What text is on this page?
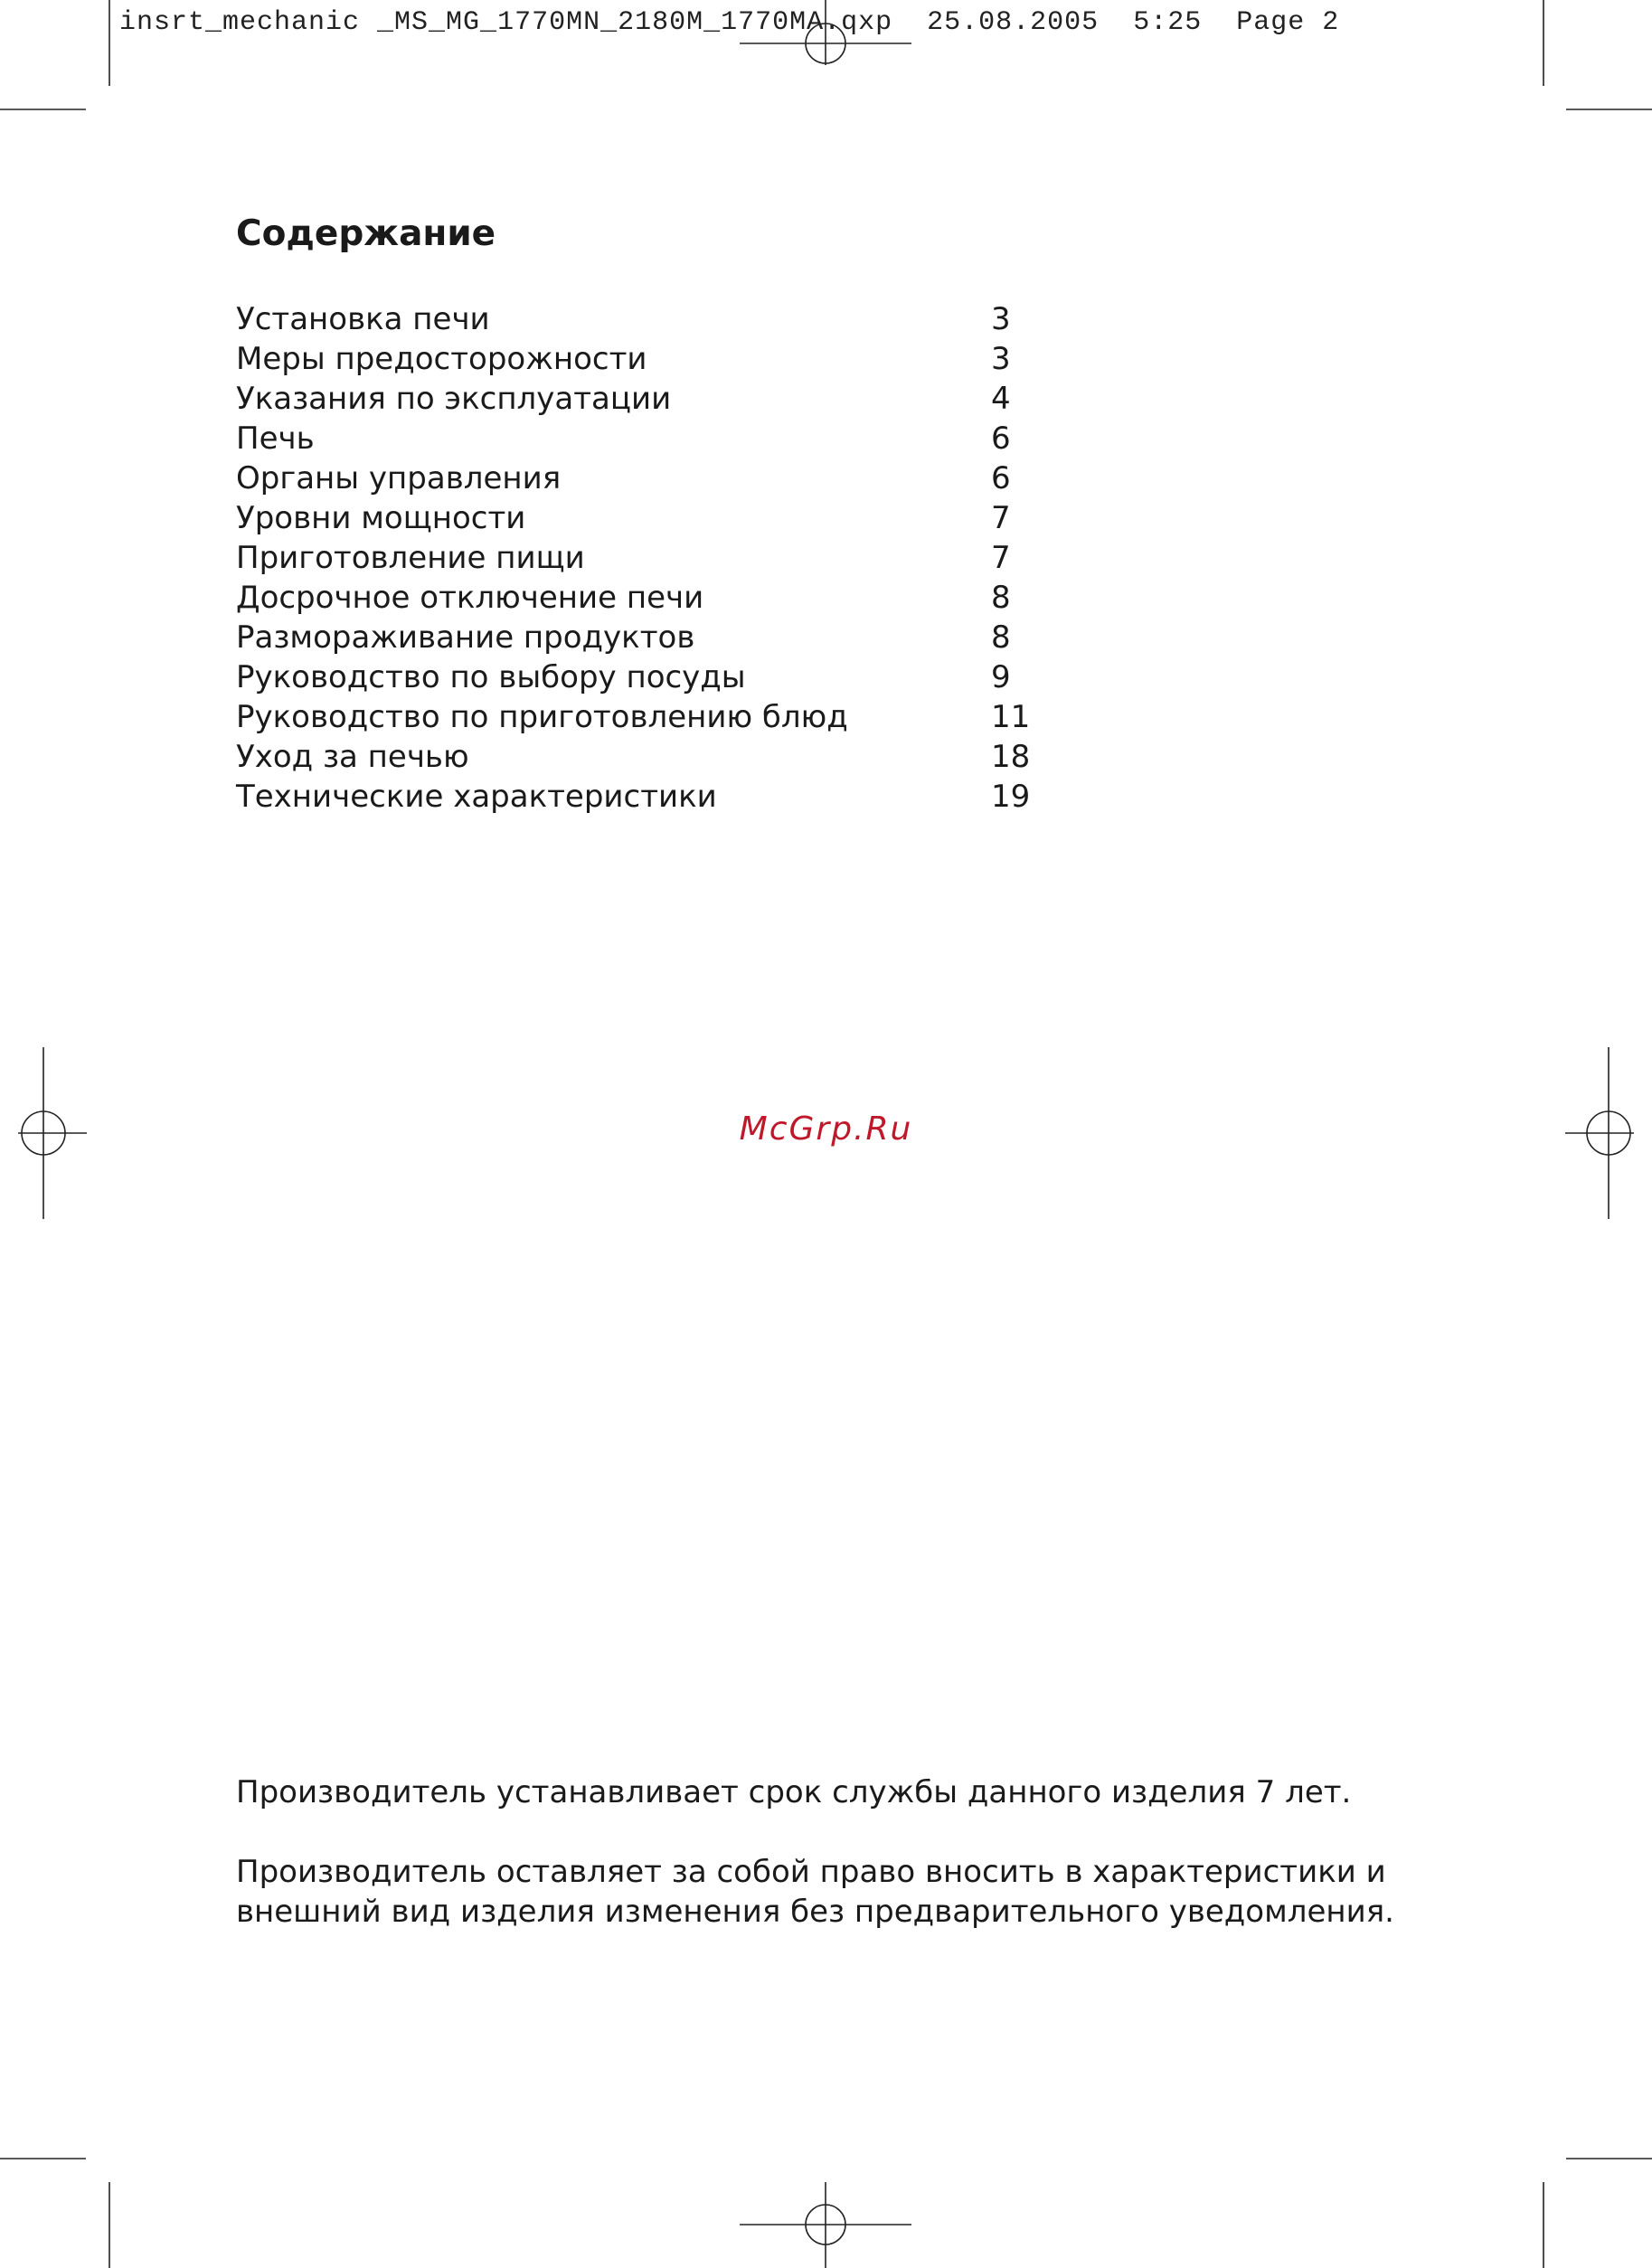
insrt_mechanic _MS_MG_1770MN_2180M_1770MA.qxp 25.08.2005 5:25 Page 2

Содержание
Установка печи	3
Меры предосторожности	3
Указания по эксплуатации	4
Печь	6
Органы управления	6
Уровни мощности	7
Приготовление пищи	7
Досрочное отключение печи	8
Размораживание продуктов	8
Руководство по выбору посуды	9
Руководство по приготовлению блюд	11
Уход за печью	18
Технические характеристики	19

McGrp.Ru

Производитель устанавливает срок службы данного изделия 7 лет.

Производитель оставляет за собой право вносить в характеристики и внешний вид изделия изменения без предварительного уведомления.
